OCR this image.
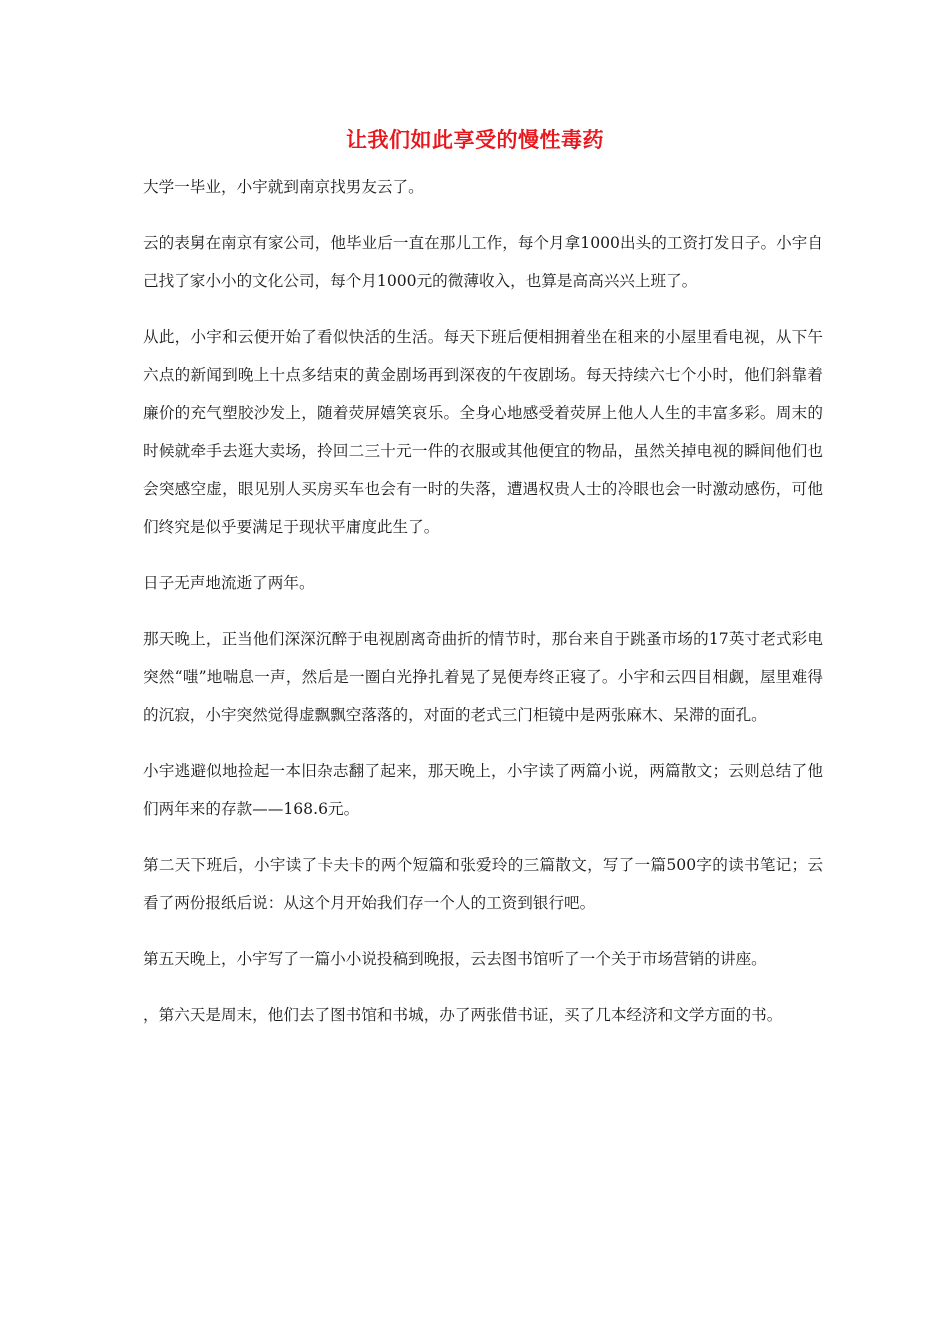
让我们如此享受的慢性毒药

大学一毕业，小宇就到南京找男友云了。

云的表舅在南京有家公司，他毕业后一直在那儿工作，每个月拿1000出头的工资打发日子。小宇自己找了家小小的文化公司，每个月1000元的微薄收入，也算是高高兴兴上班了。

从此，小宇和云便开始了看似快活的生活。每天下班后便相拥着坐在租来的小屋里看电视，从下午六点的新闻到晚上十点多结束的黄金剧场再到深夜的午夜剧场。每天持续六七个小时，他们斜靠着廉价的充气塑胶沙发上，随着荧屏嬉笑哀乐。全身心地感受着荧屏上他人人生的丰富多彩。周末的时候就牵手去逛大卖场，拎回二三十元一件的衣服或其他便宜的物品，虽然关掉电视的瞬间他们也会突感空虚，眼见别人买房买车也会有一时的失落，遭遇权贵人士的冷眼也会一时激动感伤，可他们终究是似乎要满足于现状平庸度此生了。

日子无声地流逝了两年。

那天晚上，正当他们深深沉醉于电视剧离奇曲折的情节时，那台来自于跳蚤市场的17英寸老式彩电突然“嗤”地喘息一声，然后是一圈白光挣扎着晃了晃便寿终正寝了。小宇和云四目相觑，屋里难得的沉寂，小宇突然觉得虚飘飘空落落的，对面的老式三门柜镜中是两张麻木、呆滞的面孔。

小宇逃避似地捡起一本旧杂志翻了起来，那天晚上，小宇读了两篇小说，两篇散文；云则总结了他们两年来的存款——168.6元。

第二天下班后，小宇读了卡夫卡的两个短篇和张爱玲的三篇散文，写了一篇500字的读书笔记；云看了两份报纸后说：从这个月开始我们存一个人的工资到银行吧。

第五天晚上，小宇写了一篇小小说投稿到晚报，云去图书馆听了一个关于市场营销的讲座。

，第六天是周末，他们去了图书馆和书城，办了两张借书证，买了几本经济和文学方面的书。
